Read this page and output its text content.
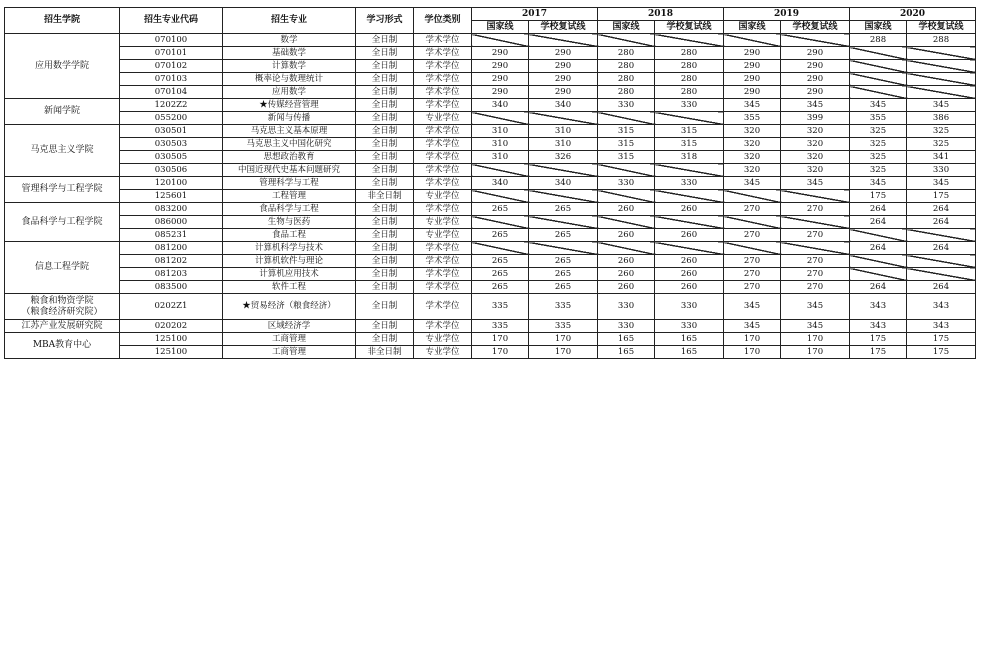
招生学院	招生专业代码	招生专业	学习形式	学位类别	2017		2018		2019		2020	
					国家线	学校复试线	国家线	学校复试线	国家线	学校复试线	国家线	学校复试线
应用数学学院	070100	数学	全日制	学术学位							288	288
	070101	基础数学	全日制	学术学位	290	290	280	280	290	290		
	070102	计算数学	全日制	学术学位	290	290	280	280	290	290		
	070103	概率论与数理统计	全日制	学术学位	290	290	280	280	290	290		
	070104	应用数学	全日制	学术学位	290	290	280	280	290	290		
新闻学院	1202Z2	★传媒经营管理	全日制	学术学位	340	340	330	330	345	345	345	345
	055200	新闻与传播	全日制	专业学位					355	399	355	386
马克思主义学院	030501	马克思主义基本原理	全日制	学术学位	310	310	315	315	320	320	325	325
	030503	马克思主义中国化研究	全日制	学术学位	310	310	315	315	320	320	325	325
	030505	思想政治教育	全日制	学术学位	310	326	315	318	320	320	325	341
	030506	中国近现代史基本问题研究	全日制	学术学位					320	320	325	330
管理科学与工程学院	120100	管理科学与工程	全日制	学术学位	340	340	330	330	345	345	345	345
	125601	工程管理	非全日制	专业学位							175	175
食品科学与工程学院	083200	食品科学与工程	全日制	学术学位	265	265	260	260	270	270	264	264
	086000	生物与医药	全日制	专业学位							264	264
	085231	食品工程	全日制	专业学位	265	265	260	260	270	270		
信息工程学院	081200	计算机科学与技术	全日制	学术学位							264	264
	081202	计算机软件与理论	全日制	学术学位	265	265	260	260	270	270		
	081203	计算机应用技术	全日制	学术学位	265	265	260	260	270	270		
	083500	软件工程	全日制	学术学位	265	265	260	260	270	270	264	264
粮食和物资学院
（粮食经济研究院）	0202Z1	★贸易经济（粮食经济）	全日制	学术学位	335	335	330	330	345	345	343	343
江苏产业发展研究院	020202	区域经济学	全日制	学术学位	335	335	330	330	345	345	343	343
MBA教育中心	125100	工商管理	全日制	专业学位	170	170	165	165	170	170	175	175
	125100	工商管理	非全日制	专业学位	170	170	165	165	170	170	175	175
